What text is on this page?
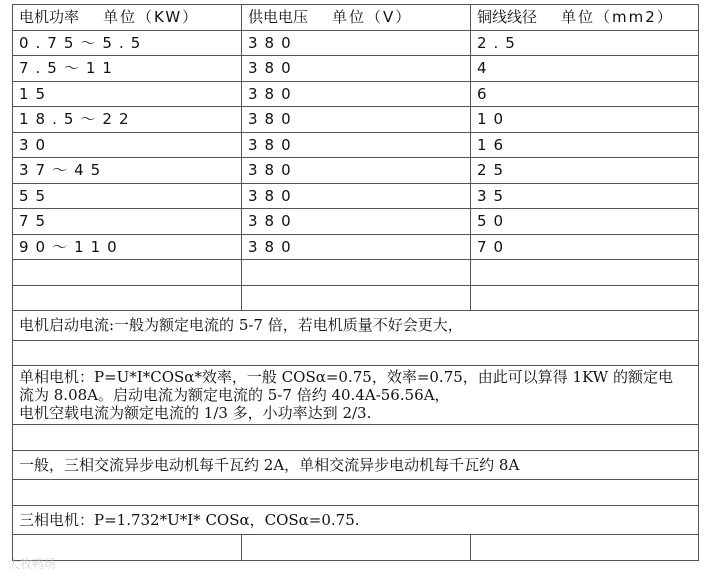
电机功率 单位（KW）	供电电压 单位（V）	铜线线径 单位（mm2）
0.75～5.5	380	2.5
7.5～11	380	4
15	380	6
18.5～22	380	10
30	380	16
37～45	380	25
55	380	35
75	380	50
90～110	380	70

电机启动电流:一般为额定电流的 5-7 倍，若电机质量不好会更大，		

单相电机：P=U*I*COSα*效率，一般 COSα=0.75，效率=0.75，由此可以算得 1KW 的额定电
流为 8.08A。启动电流为额定电流的 5-7 倍约 40.4A-56.56A，
电机空载电流为额定电流的 1/3 多，小功率达到 2/3.		

一般，三相交流异步电动机每千瓦约 2A，单相交流异步电动机每千瓦约 8A		

三相电机：P=1.732*U*I* COSα，COSα=0.75.		

大牧鸭场
